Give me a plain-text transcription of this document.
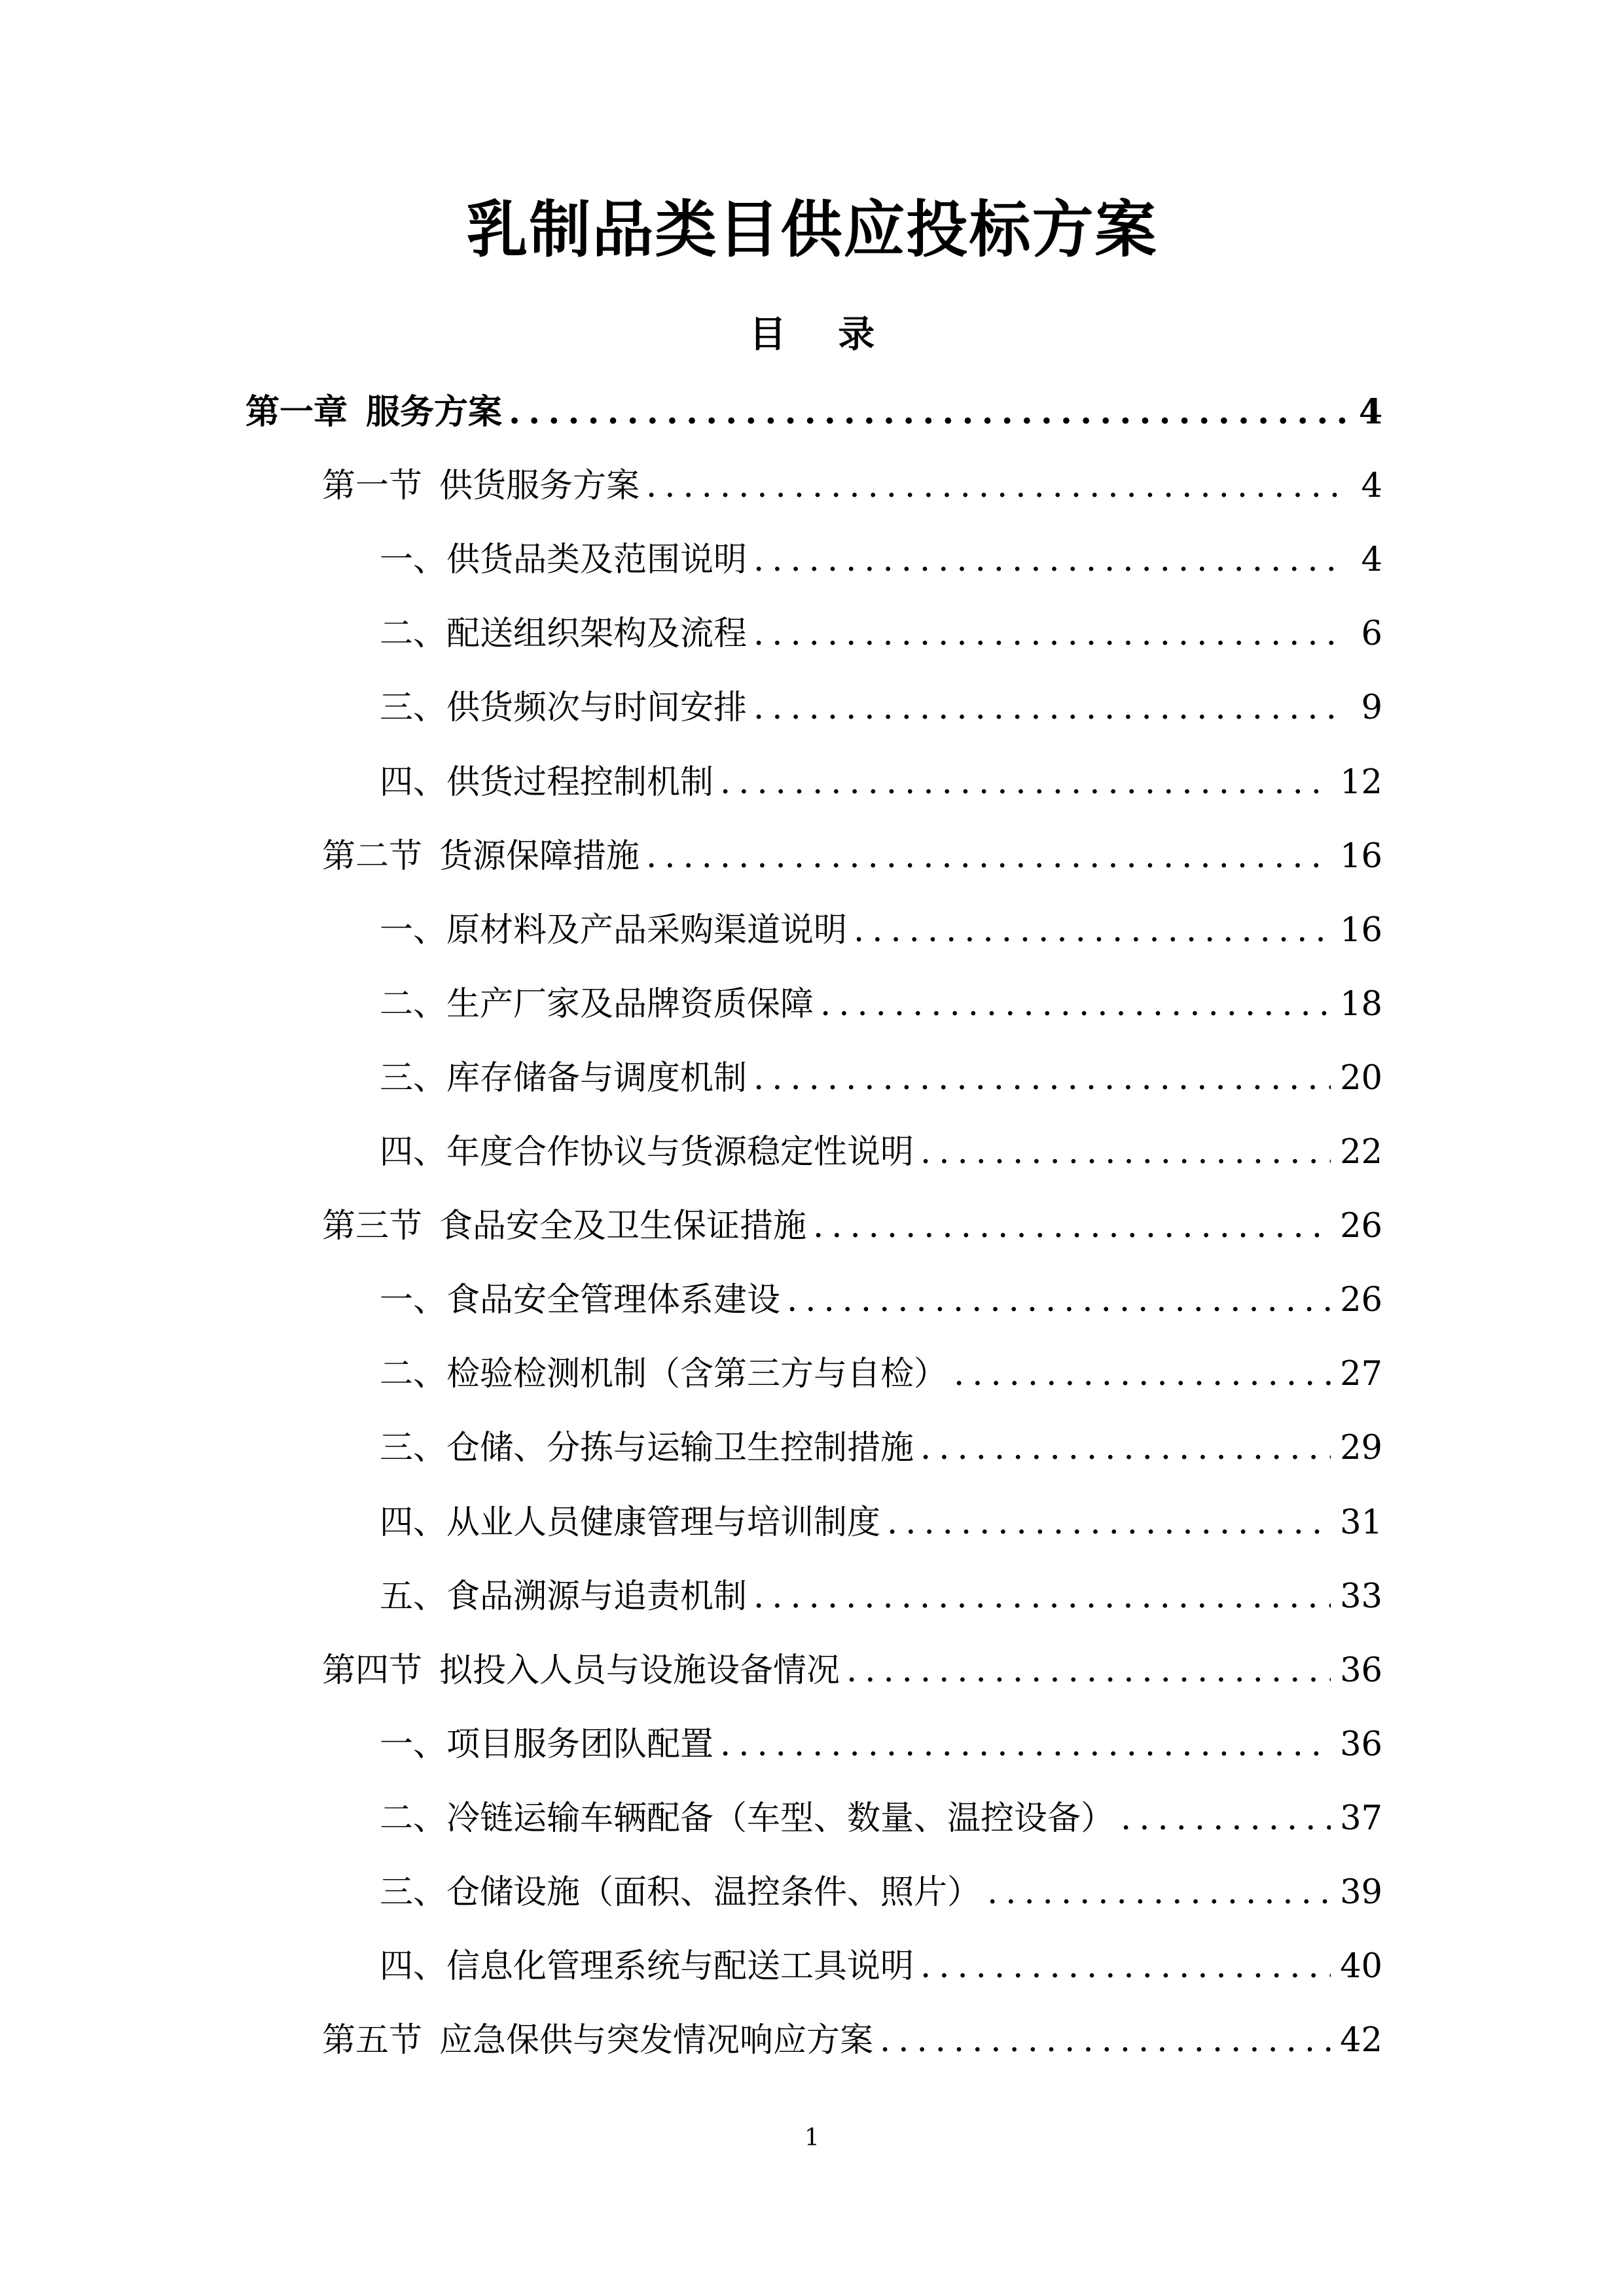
乳制品类目供应投标方案
目 录
第一章 服务方案 .....	4
第一节 供货服务方案 .....	4
一、 供货品类及范围说明 .....	4
二、 配送组织架构及流程 .....	6
三、 供货频次与时间安排 .....	9
四、 供货过程控制机制 .....	12
第二节 货源保障措施 .....	16
一、 原材料及产品采购渠道说明 .....	16
二、 生产厂家及品牌资质保障 .....	18
三、 库存储备与调度机制 .....	20
四、 年度合作协议与货源稳定性说明 .....	22
第三节 食品安全及卫生保证措施 .....	26
一、 食品安全管理体系建设 .....	26
二、 检验检测机制（含第三方与自检） .....	27
三、 仓储、分拣与运输卫生控制措施 .....	29
四、 从业人员健康管理与培训制度 .....	31
五、 食品溯源与追责机制 .....	33
第四节 拟投入人员与设施设备情况 .....	36
一、 项目服务团队配置 .....	36
二、 冷链运输车辆配备（车型、数量、温控设备） .....	37
三、 仓储设施（面积、温控条件、照片） .....	39
四、 信息化管理系统与配送工具说明 .....	40
第五节 应急保供与突发情况响应方案 .....	42
1
